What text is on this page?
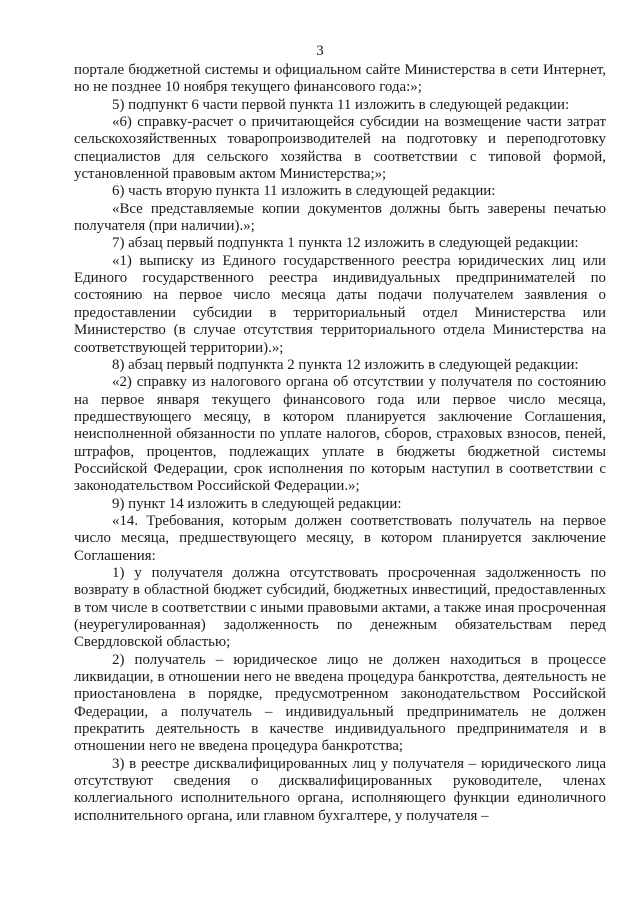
3

портале бюджетной системы и официальном сайте Министерства в сети Интернет, но не позднее 10 ноября текущего финансового года:»;

5) подпункт 6 части первой пункта 11 изложить в следующей редакции:

«6) справку-расчет о причитающейся субсидии на возмещение части затрат сельскохозяйственных товаропроизводителей на подготовку и переподготовку специалистов для сельского хозяйства в соответствии с типовой формой, установленной правовым актом Министерства;»;

6) часть вторую пункта 11 изложить в следующей редакции:

«Все представляемые копии документов должны быть заверены печатью получателя (при наличии).»;

7) абзац первый подпункта 1 пункта 12 изложить в следующей редакции:

«1) выписку из Единого государственного реестра юридических лиц или Единого государственного реестра индивидуальных предпринимателей по состоянию на первое число месяца даты подачи получателем заявления о предоставлении субсидии в территориальный отдел Министерства или Министерство (в случае отсутствия территориального отдела Министерства на соответствующей территории).»;

8) абзац первый подпункта 2 пункта 12 изложить в следующей редакции:

«2) справку из налогового органа об отсутствии у получателя по состоянию на первое января текущего финансового года или первое число месяца, предшествующего месяцу, в котором планируется заключение Соглашения, неисполненной обязанности по уплате налогов, сборов, страховых взносов, пеней, штрафов, процентов, подлежащих уплате в бюджеты бюджетной системы Российской Федерации, срок исполнения по которым наступил в соответствии с законодательством Российской Федерации.»;

9) пункт 14 изложить в следующей редакции:

«14. Требования, которым должен соответствовать получатель на первое число месяца, предшествующего месяцу, в котором планируется заключение Соглашения:

1) у получателя должна отсутствовать просроченная задолженность по возврату в областной бюджет субсидий, бюджетных инвестиций, предоставленных в том числе в соответствии с иными правовыми актами, а также иная просроченная (неурегулированная) задолженность по денежным обязательствам перед Свердловской областью;

2) получатель – юридическое лицо не должен находиться в процессе ликвидации, в отношении него не введена процедура банкротства, деятельность не приостановлена в порядке, предусмотренном законодательством Российской Федерации, а получатель – индивидуальный предприниматель не должен прекратить деятельность в качестве индивидуального предпринимателя и в отношении него не введена процедура банкротства;

3) в реестре дисквалифицированных лиц у получателя – юридического лица отсутствуют сведения о дисквалифицированных руководителе, членах коллегиального исполнительного органа, исполняющего функции единоличного исполнительного органа, или главном бухгалтере, у получателя –
